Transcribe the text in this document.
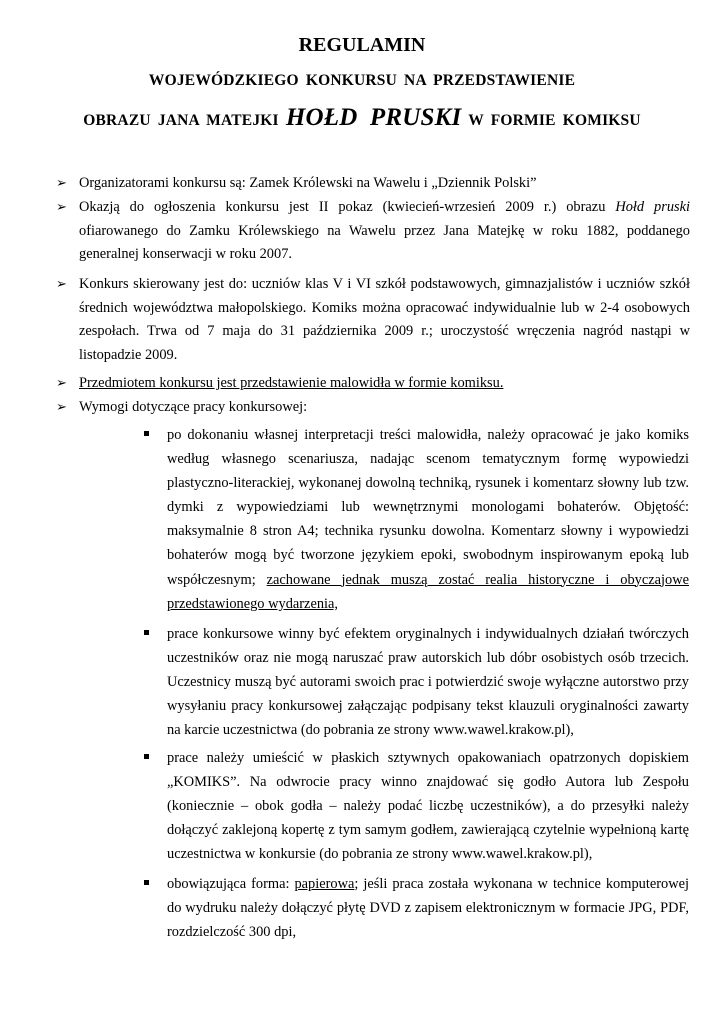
REGULAMIN
WOJEWÓDZKIEGO KONKURSU NA PRZEDSTAWIENIE
OBRAZU JANA MATEJKI HOŁD PRUSKI W FORMIE KOMIKSU
➢ Organizatorami konkursu są: Zamek Królewski na Wawelu i „Dziennik Polski”

➢ Okazją do ogłoszenia konkursu jest II pokaz (kwiecień-wrzesień 2009 r.) obrazu Hołd pruski ofiarowanego do Zamku Królewskiego na Wawelu przez Jana Matejkę w roku 1882, poddanego generalnej konserwacji w roku 2007.

➢ Konkurs skierowany jest do: uczniów klas V i VI szkół podstawowych, gimnazjalistów i uczniów szkół średnich województwa małopolskiego. Komiks można opracować indywidualnie lub w 2-4 osobowych zespołach. Trwa od 7 maja do 31 października 2009 r.; uroczystość wręczenia nagród nastąpi w listopadzie 2009.

➢ Przedmiotem konkursu jest przedstawienie malowidła w formie komiksu.

➢ Wymogi dotyczące pracy konkursowej:

po dokonaniu własnej interpretacji treści malowidła, należy opracować je jako komiks według własnego scenariusza, nadając scenom tematycznym formę wypowiedzi plastyczno-literackiej, wykonanej dowolną techniką, rysunek i komentarz słowny lub tzw. dymki z wypowiedziami lub wewnętrznymi monologami bohaterów. Objętość: maksymalnie 8 stron A4; technika rysunku dowolna. Komentarz słowny i wypowiedzi bohaterów mogą być tworzone językiem epoki, swobodnym inspirowanym epoką lub współczesnym; zachowane jednak muszą zostać realia historyczne i obyczajowe przedstawionego wydarzenia,

prace konkursowe winny być efektem oryginalnych i indywidualnych działań twórczych uczestników oraz nie mogą naruszać praw autorskich lub dóbr osobistych osób trzecich. Uczestnicy muszą być autorami swoich prac i potwierdzić swoje wyłączne autorstwo przy wysyłaniu pracy konkursowej załączając podpisany tekst klauzuli oryginalności zawarty na karcie uczestnictwa (do pobrania ze strony www.wawel.krakow.pl),

prace należy umieścić w płaskich sztywnych opakowaniach opatrzonych dopiskiem „KOMIKS”. Na odwrocie pracy winno znajdować się godło Autora lub Zespołu (koniecznie – obok godła – należy podać liczbę uczestników), a do przesyłki należy dołączyć zaklejoną kopertę z tym samym godłem, zawierającą czytelnie wypełnioną kartę uczestnictwa w konkursie (do pobrania ze strony www.wawel.krakow.pl),

obowiązująca forma: papierowa; jeśli praca została wykonana w technice komputerowej do wydruku należy dołączyć płytę DVD z zapisem elektronicznym w formacie JPG, PDF, rozdzielczość 300 dpi,
